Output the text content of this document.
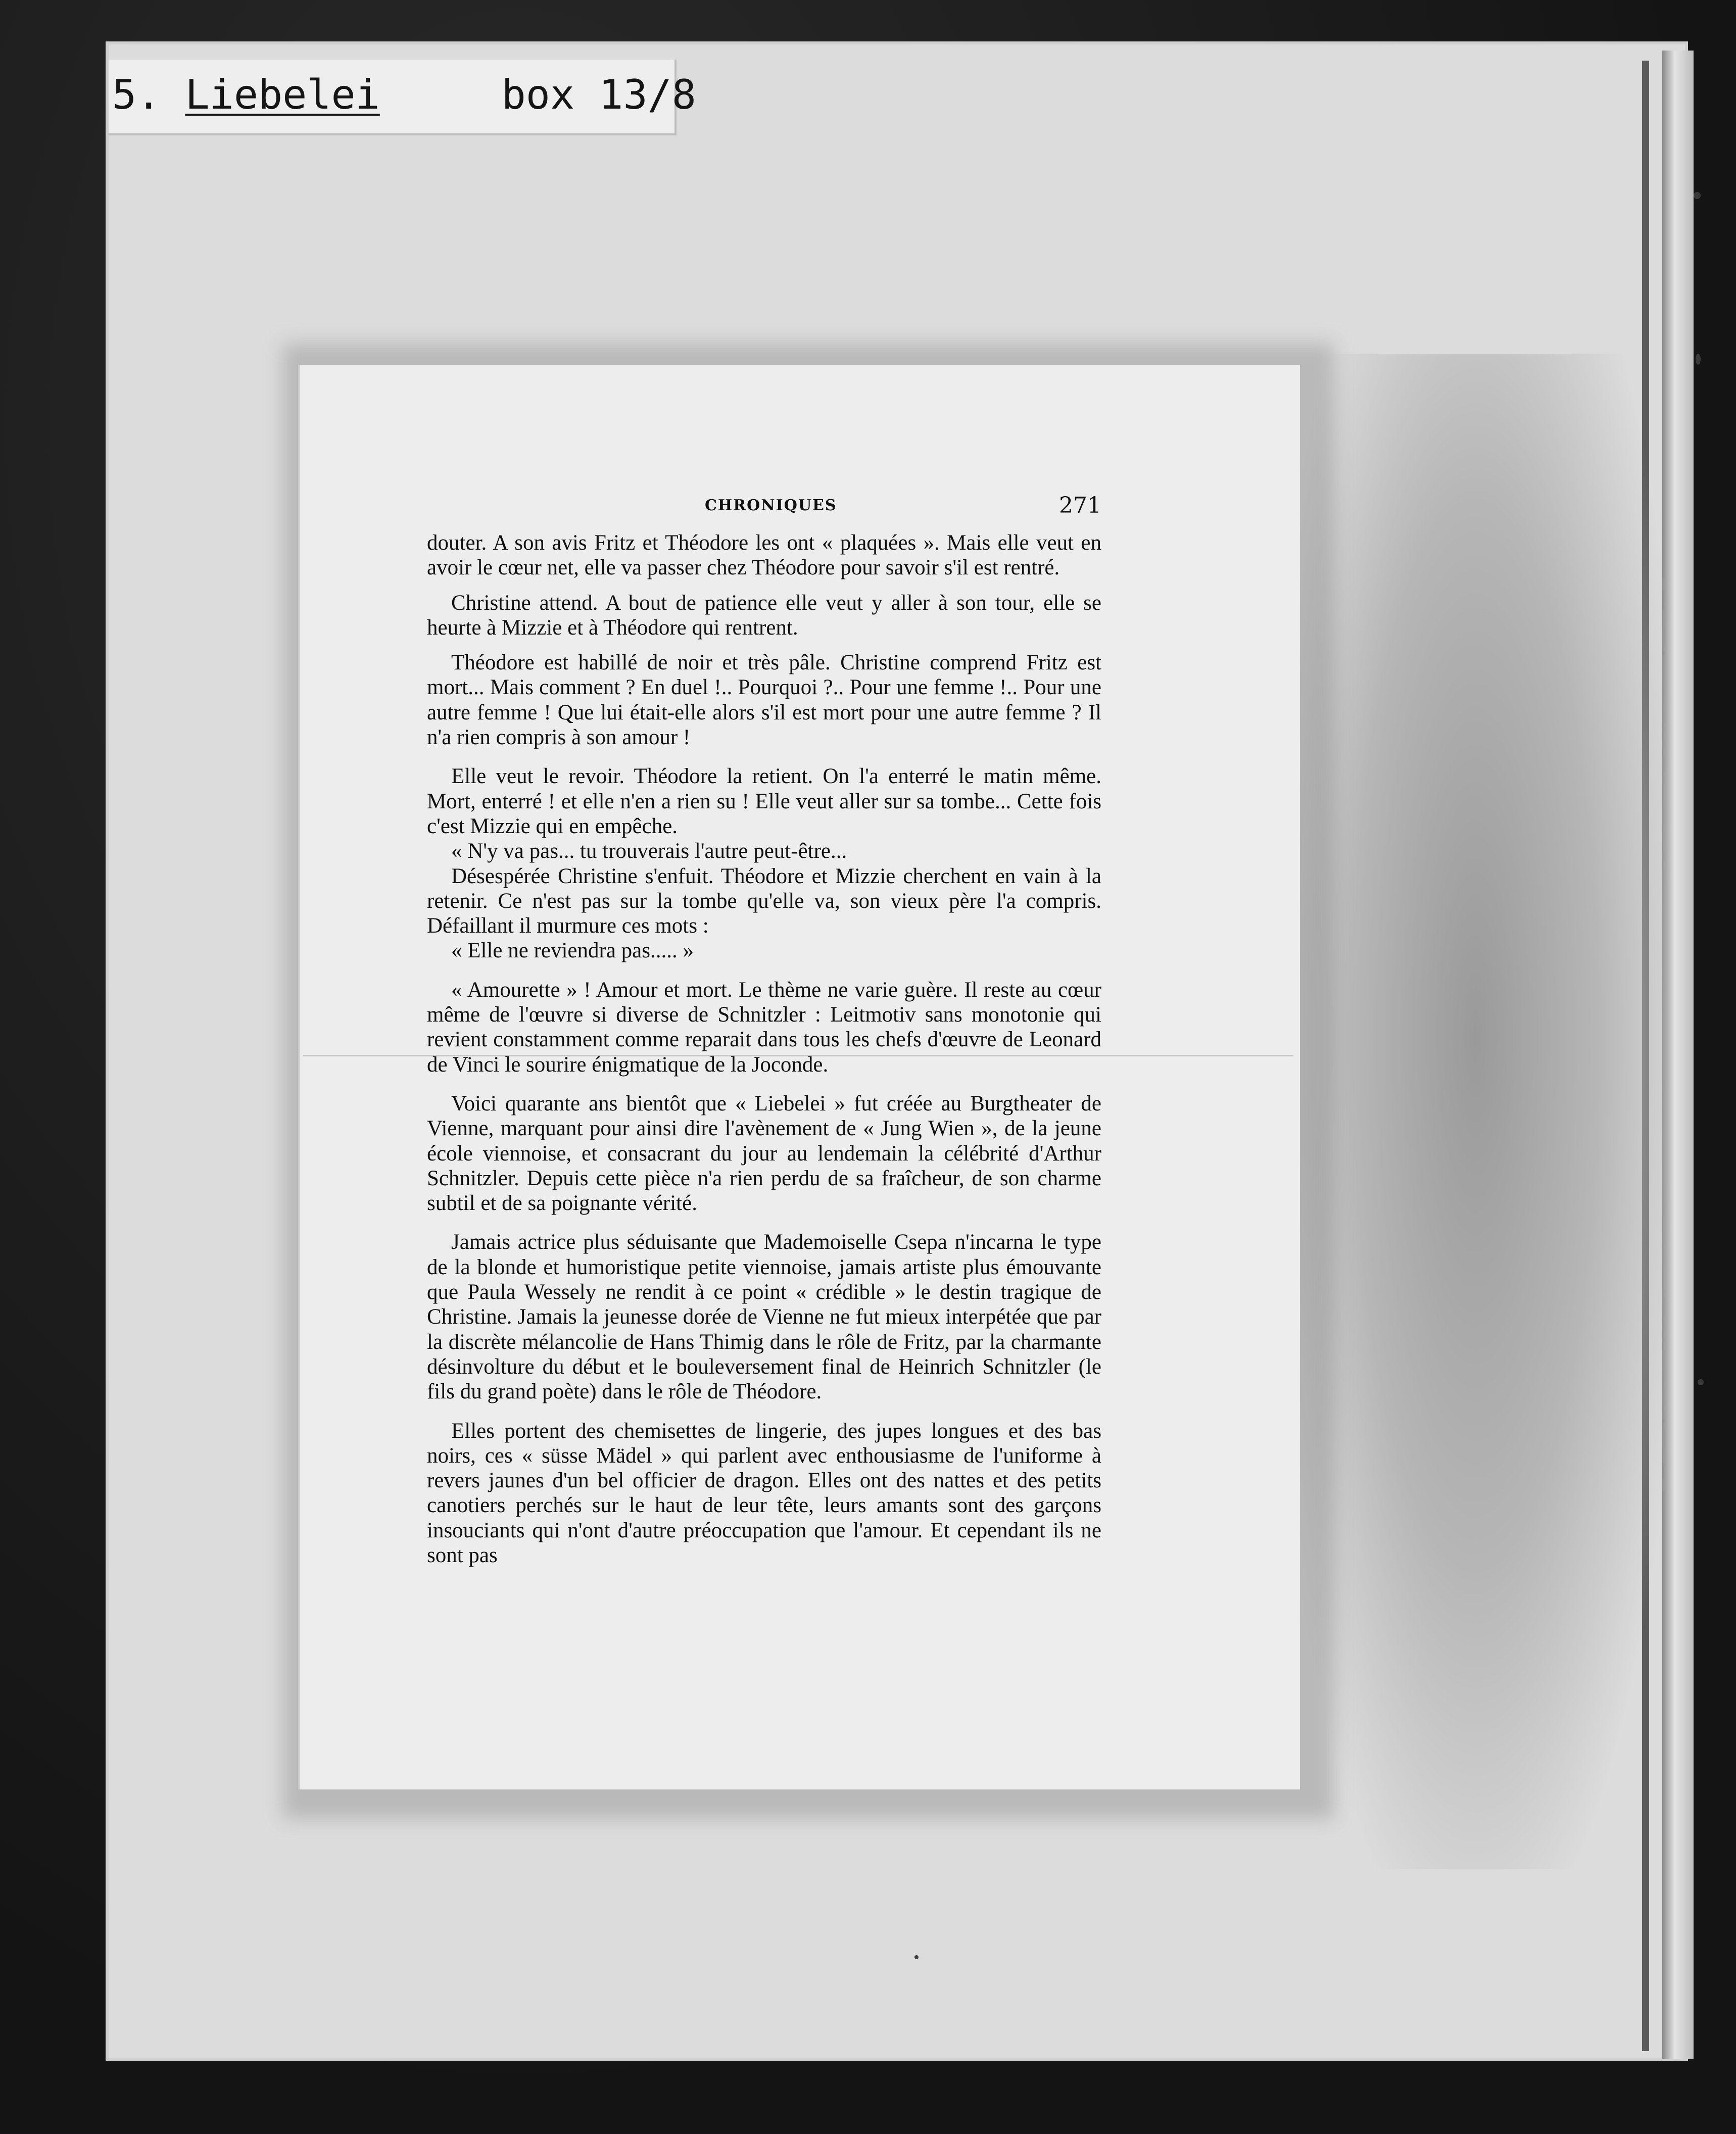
5. Liebelei	box 13/8
CHRONIQUES	271

douter. A son avis Fritz et Théodore les ont « plaquées ». Mais elle veut en avoir le cœur net, elle va passer chez Théodore pour savoir s'il est rentré.

Christine attend. A bout de patience elle veut y aller à son tour, elle se heurte à Mizzie et à Théodore qui rentrent.

Théodore est habillé de noir et très pâle. Christine comprend Fritz est mort... Mais comment ? En duel !.. Pourquoi ?.. Pour une femme !.. Pour une autre femme ! Que lui était-elle alors s'il est mort pour une autre femme ? Il n'a rien compris à son amour !

Elle veut le revoir. Théodore la retient. On l'a enterré le matin même. Mort, enterré ! et elle n'en a rien su ! Elle veut aller sur sa tombe... Cette fois c'est Mizzie qui en empêche.

« N'y va pas... tu trouverais l'autre peut-être...

Désespérée Christine s'enfuit. Théodore et Mizzie cherchent en vain à la retenir. Ce n'est pas sur la tombe qu'elle va, son vieux père l'a compris. Défaillant il murmure ces mots :

« Elle ne reviendra pas..... »

« Amourette » ! Amour et mort. Le thème ne varie guère. Il reste au cœur même de l'œuvre si diverse de Schnitzler : Leitmotiv sans monotonie qui revient constamment comme reparait dans tous les chefs d'œuvre de Leonard de Vinci le sourire énigmatique de la Joconde.

Voici quarante ans bientôt que « Liebelei » fut créée au Burgtheater de Vienne, marquant pour ainsi dire l'avènement de « Jung Wien », de la jeune école viennoise, et consacrant du jour au lendemain la célébrité d'Arthur Schnitzler. Depuis cette pièce n'a rien perdu de sa fraîcheur, de son charme subtil et de sa poignante vérité.

Jamais actrice plus séduisante que Mademoiselle Csepa n'incarna le type de la blonde et humoristique petite viennoise, jamais artiste plus émouvante que Paula Wessely ne rendit à ce point « crédible » le destin tragique de Christine. Jamais la jeunesse dorée de Vienne ne fut mieux interpétée que par la discrète mélancolie de Hans Thimig dans le rôle de Fritz, par la charmante désinvolture du début et le bouleversement final de Heinrich Schnitzler (le fils du grand poète) dans le rôle de Théodore.

Elles portent des chemisettes de lingerie, des jupes longues et des bas noirs, ces « süsse Mädel » qui parlent avec enthousiasme de l'uniforme à revers jaunes d'un bel officier de dragon. Elles ont des nattes et des petits canotiers perchés sur le haut de leur tête, leurs amants sont des garçons insouciants qui n'ont d'autre préoccupation que l'amour. Et cependant ils ne sont pas
